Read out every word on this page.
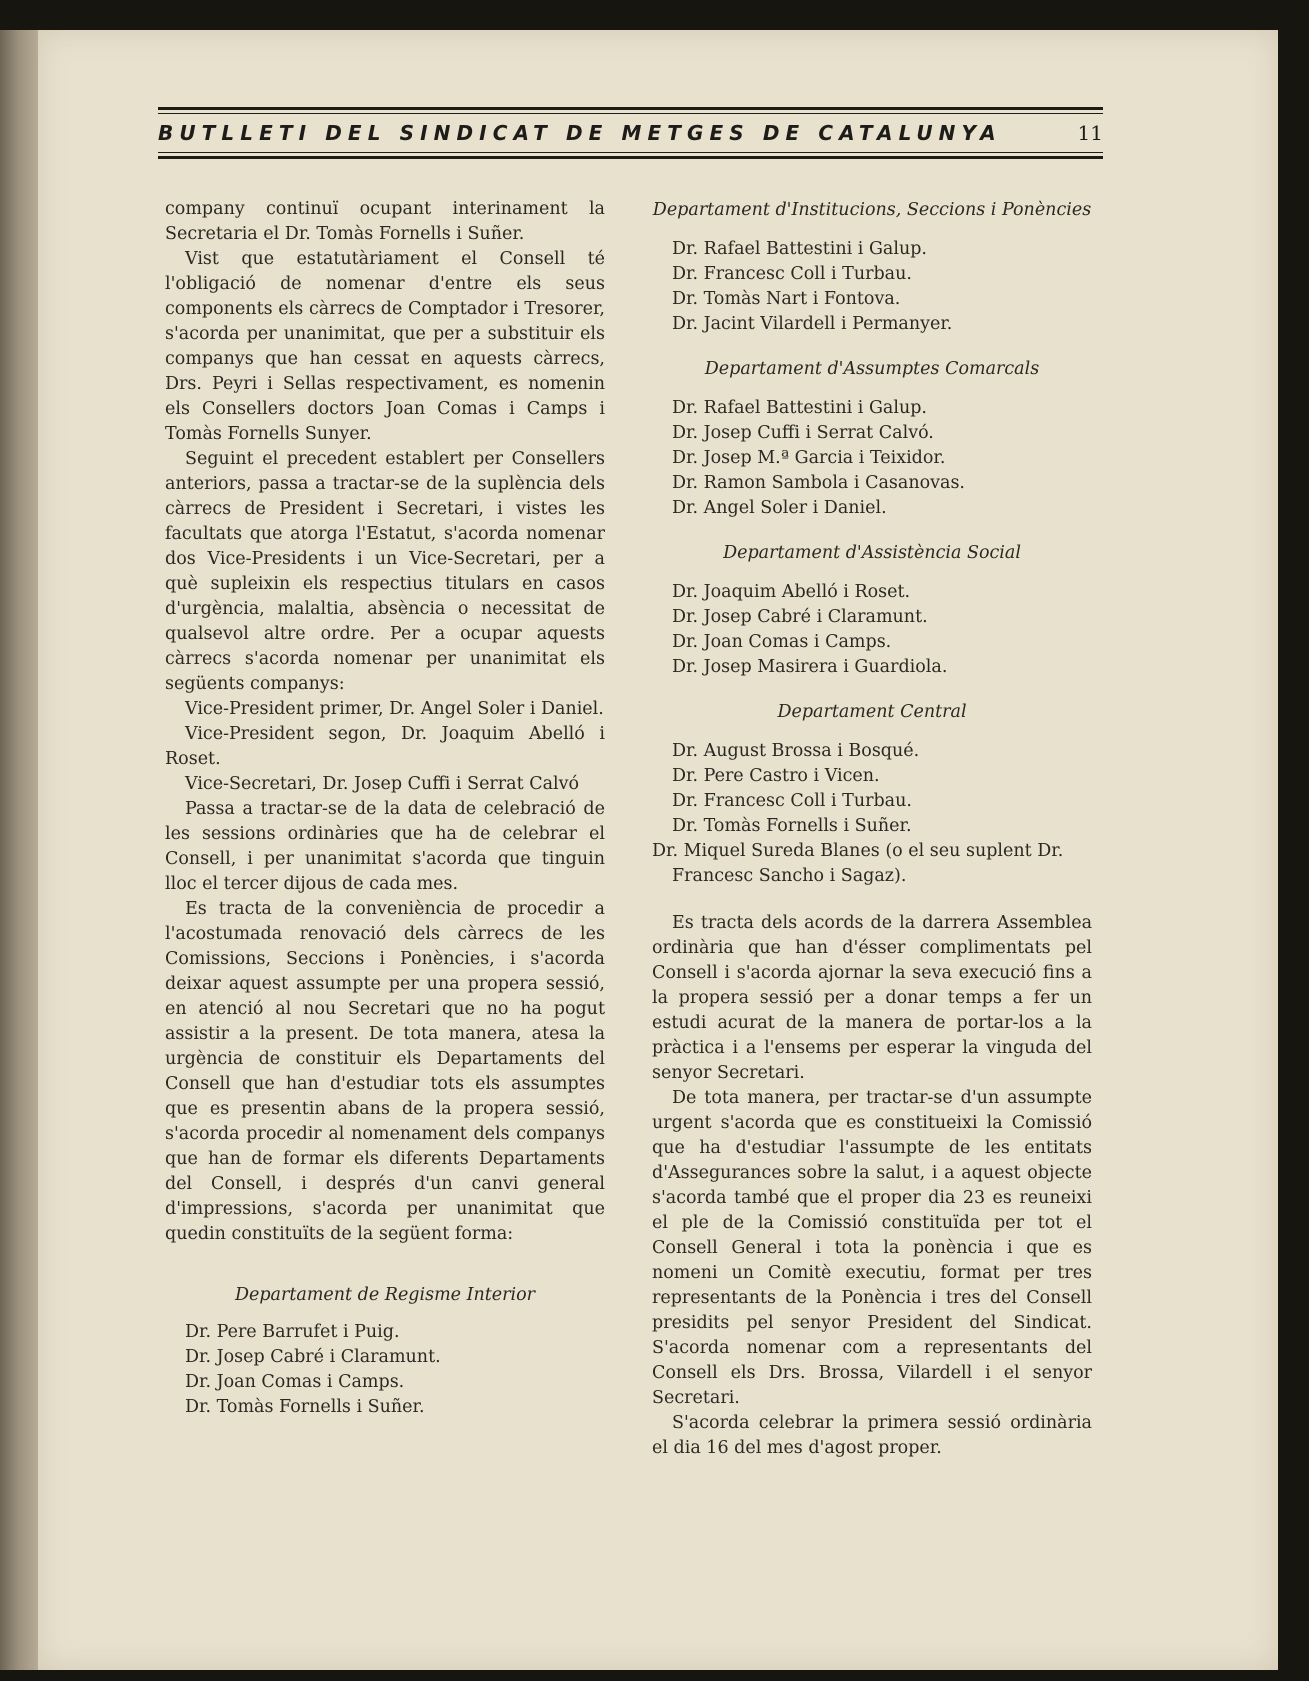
BUTLLETI DEL SINDICAT DE METGES DE CATALUNYA	11

company continuï ocupant interinament la Secretaria el Dr. Tomàs Fornells i Suñer.

Vist que estatutàriament el Consell té l'obligació de nomenar d'entre els seus components els càrrecs de Comptador i Tresorer, s'acorda per unanimitat, que per a substituir els companys que han cessat en aquests càrrecs, Drs. Peyri i Sellas respectivament, es nomenin els Consellers doctors Joan Comas i Camps i Tomàs Fornells Sunyer.

Seguint el precedent establert per Consellers anteriors, passa a tractar-se de la suplència dels càrrecs de President i Secretari, i vistes les facultats que atorga l'Estatut, s'acorda nomenar dos Vice-Presidents i un Vice-Secretari, per a què supleixin els respectius titulars en casos d'urgència, malaltia, absència o necessitat de qualsevol altre ordre. Per a ocupar aquests càrrecs s'acorda nomenar per unanimitat els següents companys:

Vice-President primer, Dr. Angel Soler i Daniel.

Vice-President segon, Dr. Joaquim Abelló i Roset.

Vice-Secretari, Dr. Josep Cuffi i Serrat Calvó

Passa a tractar-se de la data de celebració de les sessions ordinàries que ha de celebrar el Consell, i per unanimitat s'acorda que tinguin lloc el tercer dijous de cada mes.

Es tracta de la conveniència de procedir a l'acostumada renovació dels càrrecs de les Comissions, Seccions i Ponències, i s'acorda deixar aquest assumpte per una propera sessió, en atenció al nou Secretari que no ha pogut assistir a la present. De tota manera, atesa la urgència de constituir els Departaments del Consell que han d'estudiar tots els assumptes que es presentin abans de la propera sessió, s'acorda procedir al nomenament dels companys que han de formar els diferents Departaments del Consell, i després d'un canvi general d'impressions, s'acorda per unanimitat que quedin constituïts de la següent forma:

Departament de Regisme Interior

Dr. Pere Barrufet i Puig.
Dr. Josep Cabré i Claramunt.
Dr. Joan Comas i Camps.
Dr. Tomàs Fornells i Suñer.

Departament d'Institucions, Seccions i Ponències

Dr. Rafael Battestini i Galup.
Dr. Francesc Coll i Turbau.
Dr. Tomàs Nart i Fontova.
Dr. Jacint Vilardell i Permanyer.

Departament d'Assumptes Comarcals

Dr. Rafael Battestini i Galup.
Dr. Josep Cuffi i Serrat Calvó.
Dr. Josep M.ª Garcia i Teixidor.
Dr. Ramon Sambola i Casanovas.
Dr. Angel Soler i Daniel.

Departament d'Assistència Social

Dr. Joaquim Abelló i Roset.
Dr. Josep Cabré i Claramunt.
Dr. Joan Comas i Camps.
Dr. Josep Masirera i Guardiola.

Departament Central

Dr. August Brossa i Bosqué.
Dr. Pere Castro i Vicen.
Dr. Francesc Coll i Turbau.
Dr. Tomàs Fornells i Suñer.
Dr. Miquel Sureda Blanes (o el seu suplent Dr. Francesc Sancho i Sagaz).

Es tracta dels acords de la darrera Assemblea ordinària que han d'ésser complimentats pel Consell i s'acorda ajornar la seva execució fins a la propera sessió per a donar temps a fer un estudi acurat de la manera de portar-los a la pràctica i a l'ensems per esperar la vinguda del senyor Secretari.

De tota manera, per tractar-se d'un assumpte urgent s'acorda que es constitueixi la Comissió que ha d'estudiar l'assumpte de les entitats d'Assegurances sobre la salut, i a aquest objecte s'acorda també que el proper dia 23 es reuneixi el ple de la Comissió constituïda per tot el Consell General i tota la ponència i que es nomeni un Comitè executiu, format per tres representants de la Ponència i tres del Consell presidits pel senyor President del Sindicat. S'acorda nomenar com a representants del Consell els Drs. Brossa, Vilardell i el senyor Secretari.

S'acorda celebrar la primera sessió ordinària el dia 16 del mes d'agost proper.
